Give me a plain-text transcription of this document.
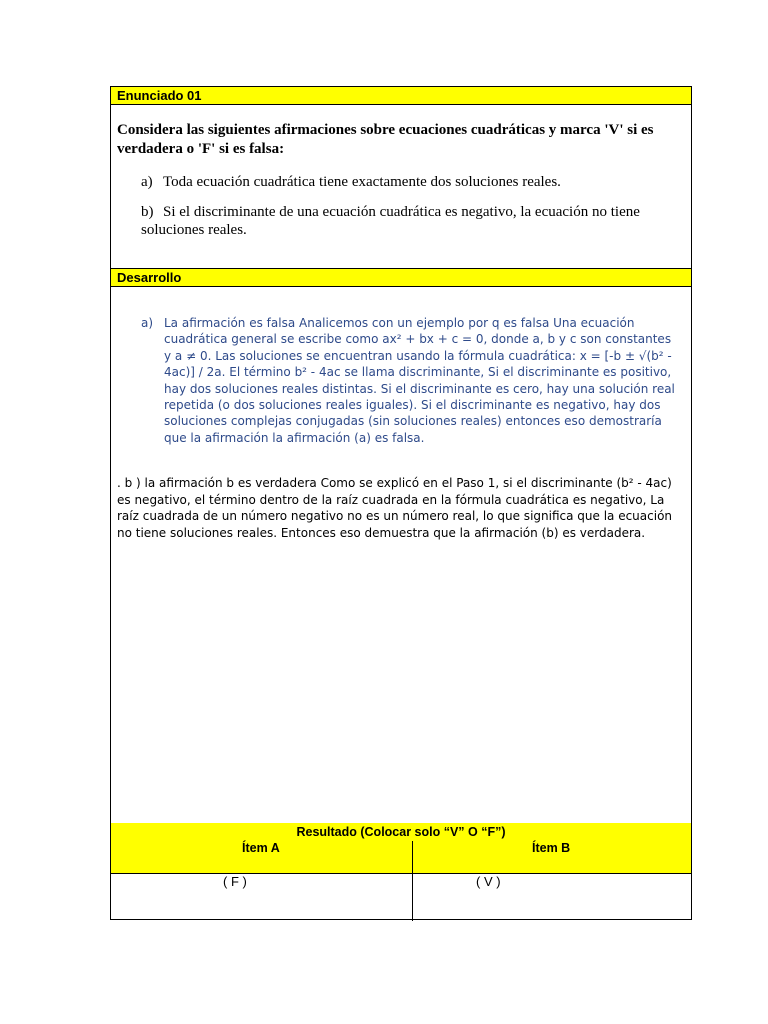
Enunciado 01
Considera las siguientes afirmaciones sobre ecuaciones cuadráticas y marca 'V' si es verdadera o 'F' si es falsa:
a) Toda ecuación cuadrática tiene exactamente dos soluciones reales.
b) Si el discriminante de una ecuación cuadrática es negativo, la ecuación no tiene soluciones reales.
Desarrollo
a) La afirmación es falsa Analicemos con un ejemplo por q es falsa Una ecuación cuadrática general se escribe como ax² + bx + c = 0, donde a, b y c son constantes y a ≠ 0. Las soluciones se encuentran usando la fórmula cuadrática: x = [-b ± √(b² - 4ac)] / 2a. El término b² - 4ac se llama discriminante, Si el discriminante es positivo, hay dos soluciones reales distintas. Si el discriminante es cero, hay una solución real repetida (o dos soluciones reales iguales). Si el discriminante es negativo, hay dos soluciones complejas conjugadas (sin soluciones reales) entonces eso demostraría que la afirmación la afirmación (a) es falsa.
. b ) la afirmación b es verdadera Como se explicó en el Paso 1, si el discriminante (b² - 4ac) es negativo, el término dentro de la raíz cuadrada en la fórmula cuadrática es negativo, La raíz cuadrada de un número negativo no es un número real, lo que significa que la ecuación no tiene soluciones reales. Entonces eso demuestra que la afirmación (b) es verdadera.
Resultado (Colocar solo “V” O “F”)
Ítem A	Ítem B
( F )	( V )
